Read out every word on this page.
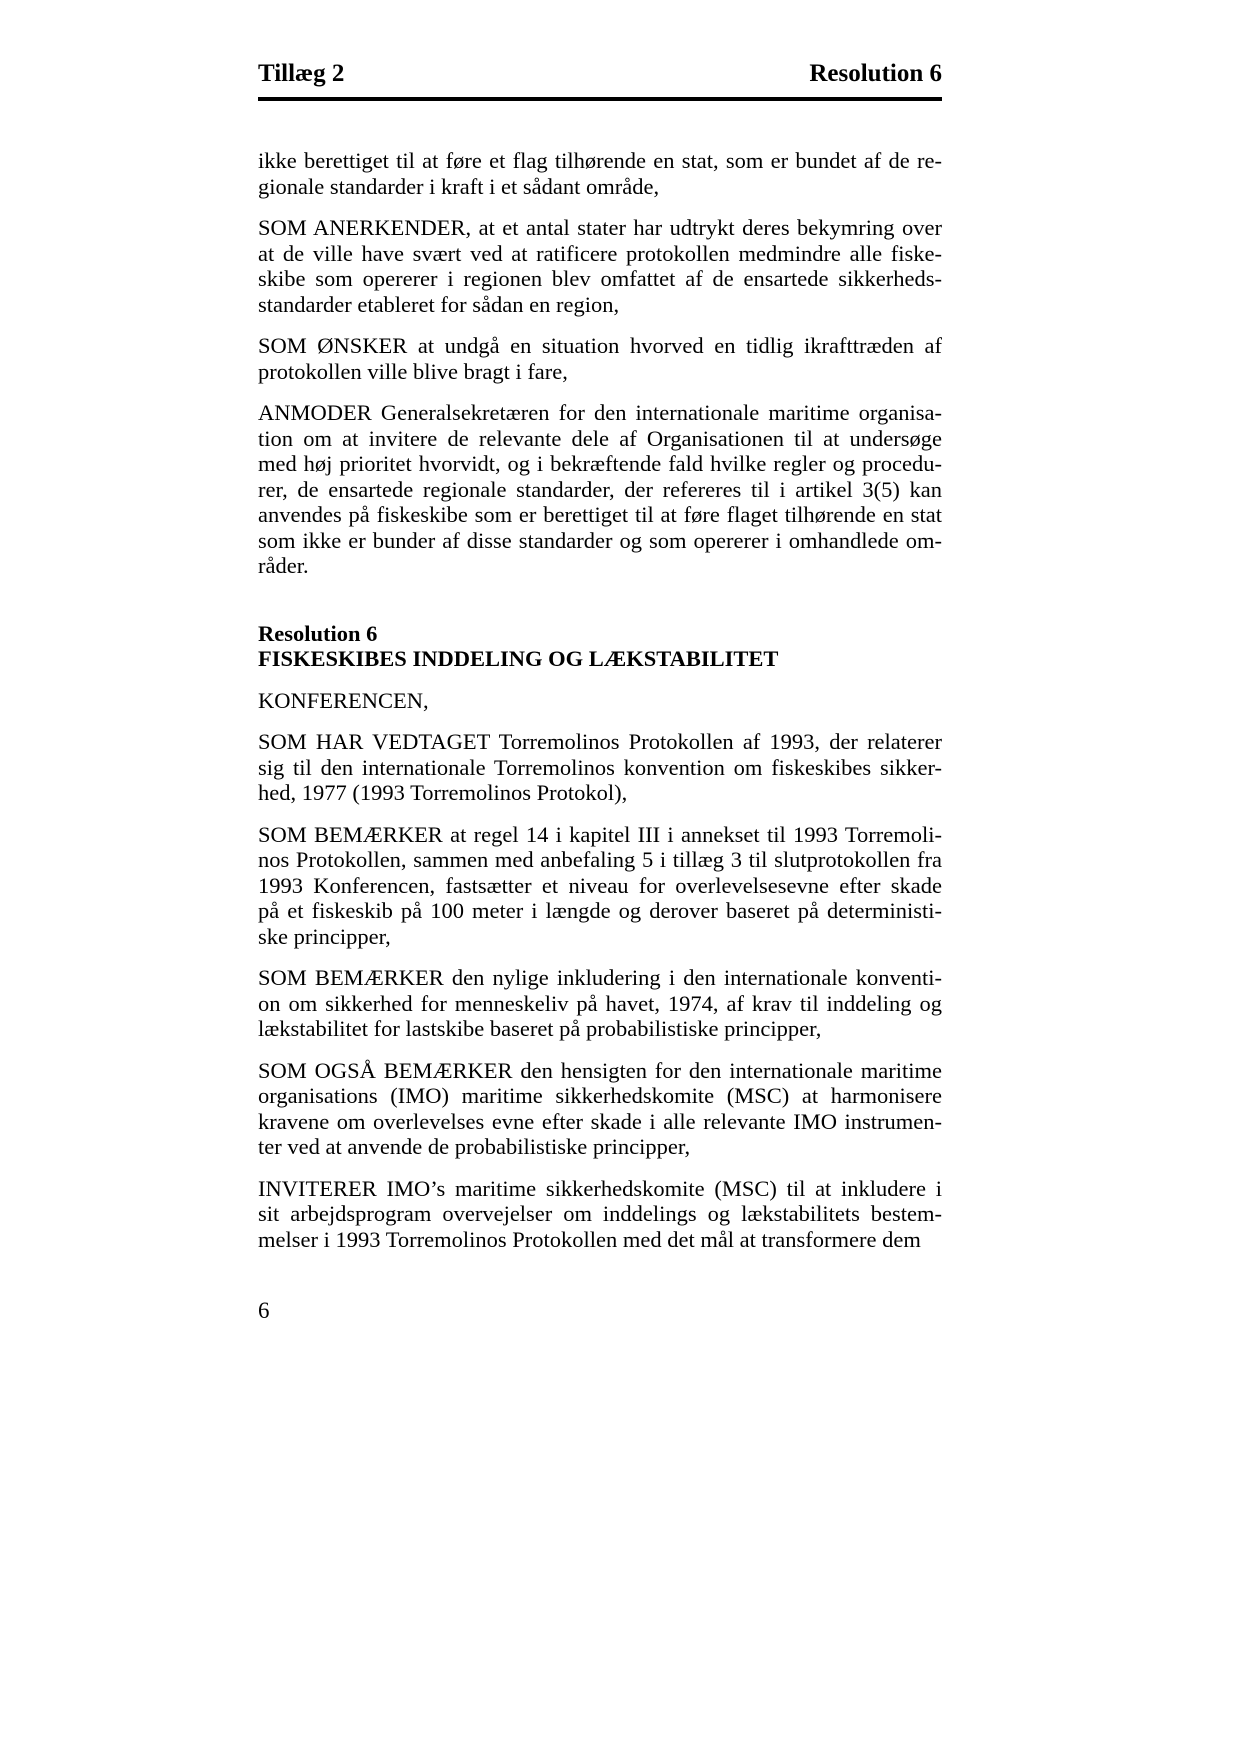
Tillæg 2	Resolution 6
ikke berettiget til at føre et flag tilhørende en stat, som er bundet af de re-
gionale standarder i kraft i et sådant område,
SOM ANERKENDER, at et antal stater har udtrykt deres bekymring over
at de ville have svært ved at ratificere protokollen medmindre alle fiske-
skibe som opererer i regionen blev omfattet af de ensartede sikkerheds-
standarder etableret for sådan en region,
SOM ØNSKER at undgå en situation hvorved en tidlig ikrafttræden af
protokollen ville blive bragt i fare,
ANMODER Generalsekretæren for den internationale maritime organisa-
tion om at invitere de relevante dele af Organisationen til at undersøge
med høj prioritet hvorvidt, og i bekræftende fald hvilke regler og procedu-
rer, de ensartede regionale standarder, der refereres til i artikel 3(5) kan
anvendes på fiskeskibe som er berettiget til at føre flaget tilhørende en stat
som ikke er bunder af disse standarder og som opererer i omhandlede om-
råder.
Resolution 6
FISKESKIBES INDDELING OG LÆKSTABILITET
KONFERENCEN,
SOM HAR VEDTAGET Torremolinos Protokollen af 1993, der relaterer
sig til den internationale Torremolinos konvention om fiskeskibes sikker-
hed, 1977 (1993 Torremolinos Protokol),
SOM BEMÆRKER at regel 14 i kapitel III i annekset til 1993 Torremoli-
nos Protokollen, sammen med anbefaling 5 i tillæg 3 til slutprotokollen fra
1993 Konferencen, fastsætter et niveau for overlevelsesevne efter skade
på et fiskeskib på 100 meter i længde og derover baseret på deterministi-
ske principper,
SOM BEMÆRKER den nylige inkludering i den internationale konventi-
on om sikkerhed for menneskeliv på havet, 1974, af krav til inddeling og
lækstabilitet for lastskibe baseret på probabilistiske principper,
SOM OGSÅ BEMÆRKER den hensigten for den internationale maritime
organisations (IMO) maritime sikkerhedskomite (MSC) at harmonisere
kravene om overlevelses evne efter skade i alle relevante IMO instrumen-
ter ved at anvende de probabilistiske principper,
INVITERER IMO’s maritime sikkerhedskomite (MSC) til at inkludere i
sit arbejdsprogram overvejelser om inddelings og lækstabilitets bestem-
melser i 1993 Torremolinos Protokollen med det mål at transformere dem
6
